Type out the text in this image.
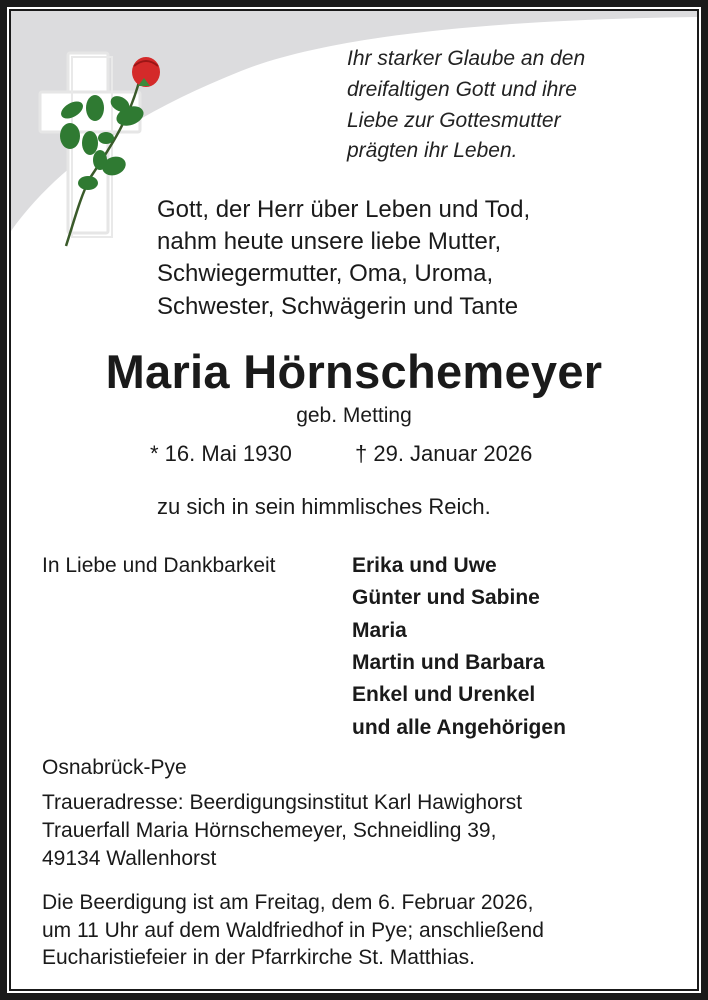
Ihr starker Glaube an den
dreifaltigen Gott und ihre
Liebe zur Gottesmutter
prägten ihr Leben.
Gott, der Herr über Leben und Tod,
nahm heute unsere liebe Mutter,
Schwiegermutter, Oma, Uroma,
Schwester, Schwägerin und Tante
Maria Hörnschemeyer
geb. Metting
* 16. Mai 1930	† 29. Januar 2026
zu sich in sein himmlisches Reich.
In Liebe und Dankbarkeit	Erika und Uwe
Günter und Sabine
Maria
Martin und Barbara
Enkel und Urenkel
und alle Angehörigen
Osnabrück-Pye
Traueradresse: Beerdigungsinstitut Karl Hawighorst
Trauerfall Maria Hörnschemeyer, Schneidling 39,
49134 Wallenhorst
Die Beerdigung ist am Freitag, dem 6. Februar 2026,
um 11 Uhr auf dem Waldfriedhof in Pye; anschließend
Eucharistiefeier in der Pfarrkirche St. Matthias.
